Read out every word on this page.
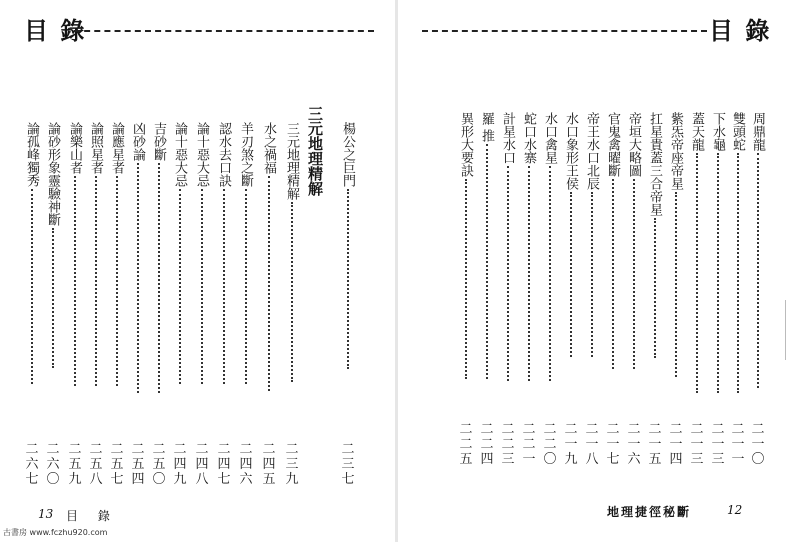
目 錄
楊公之巨門
二
三
七
三元地理精解
三元地理精解
二
三
九
水之禍福
二
四
五
羊刃煞之斷
二
四
六
認水去口訣
二
四
七
論十惡大忌
二
四
八
論十惡大忌
二
四
九
吉砂斷
二
五
〇
凶砂論
二
五
四
論應星者
二
五
七
論照星者
二
五
八
論樂山者
二
五
九
論砂形象靈驗神斷
二
六
〇
論孤峰獨秀
二
六
七
13 目 錄
古書房 www.fczhu920.com
目 錄
周鼎龍
二
一
〇
雙頭蛇
二
一
一
下水龜
二
一
三
蓋天龍
二
一
三
紫炁帝座帝星
二
一
四
扛星貴蓋三合帝星
二
一
五
帝垣大略圖
二
一
六
官鬼禽曜斷
二
一
七
帝王水口北辰
二
一
八
水口象形王侯
二
一
九
水口禽星
二
二
〇
蛇口水寨
二
二
一
計星水口
二
二
三
羅 推
二
二
四
異形大要訣
二
二
五
地理捷徑秘斷	12
